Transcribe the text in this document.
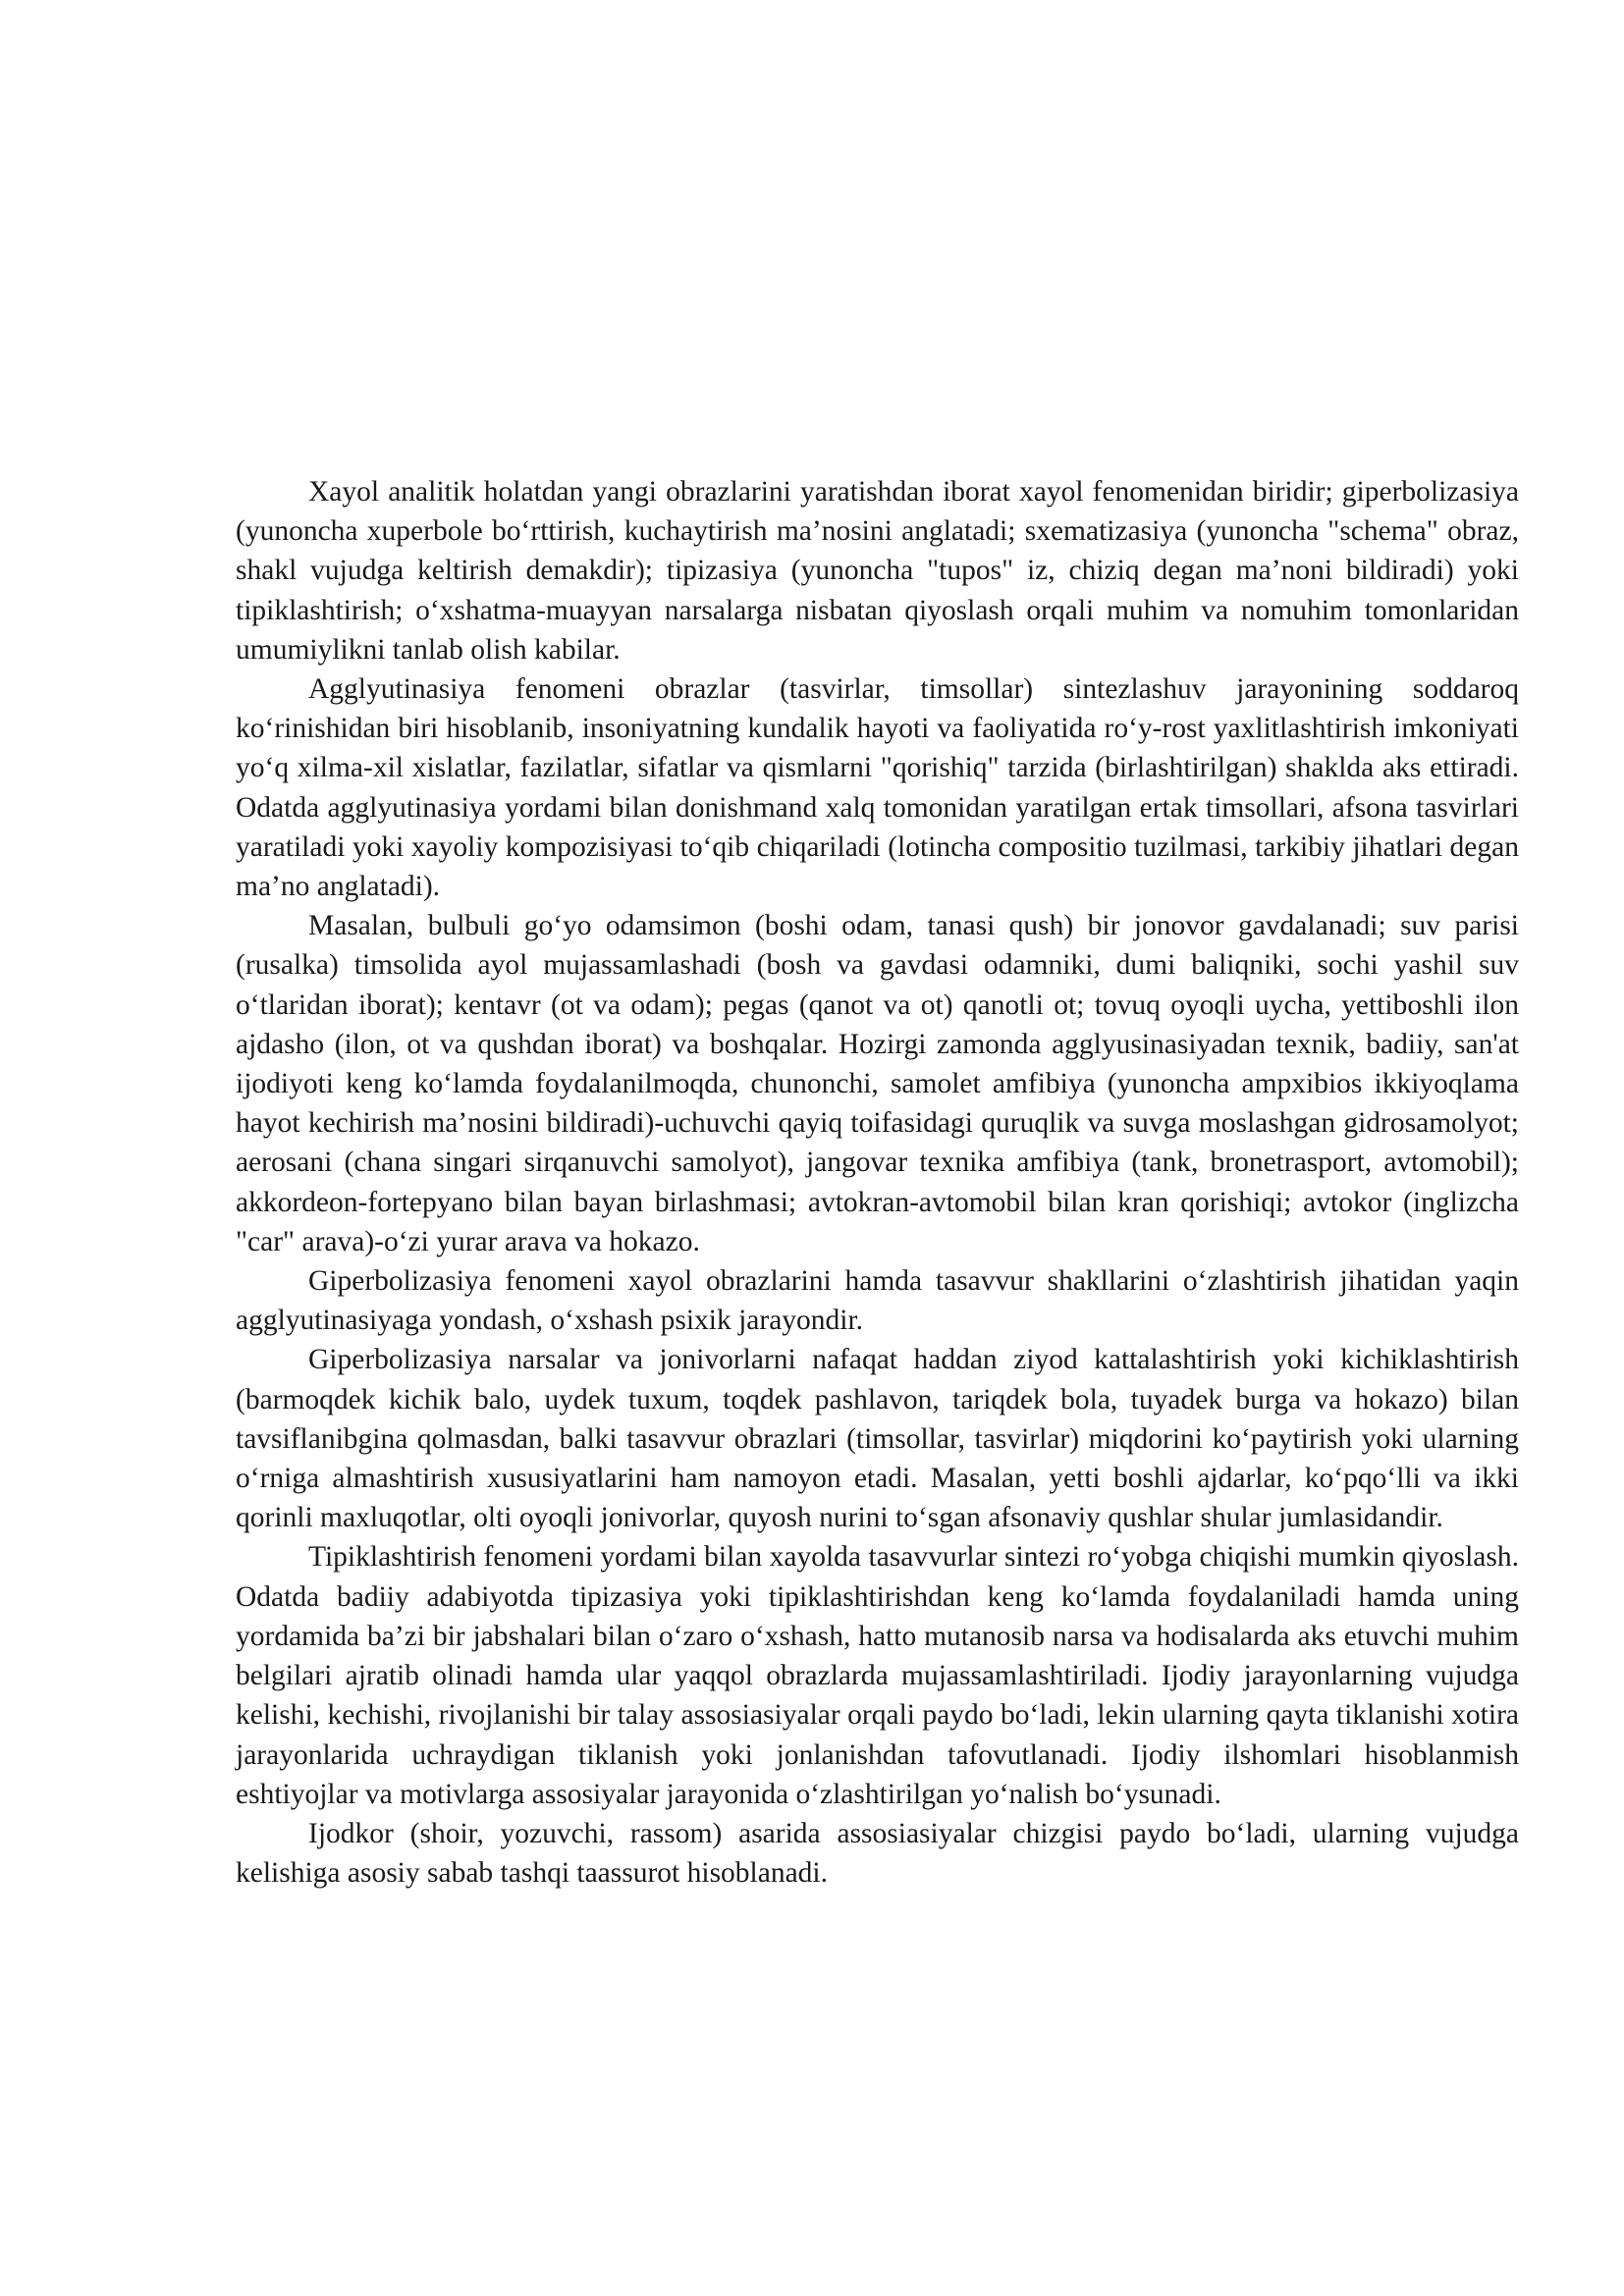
Xayol analitik holatdan yangi obrazlarini yaratishdan iborat xayol fenomenidan biridir; giperbolizasiya (yunoncha xuperbole bo‘rttirish, kuchaytirish ma’nosini anglatadi; sxematizasiya (yunoncha "schema" obraz, shakl vujudga keltirish demakdir); tipizasiya (yunoncha "tupos" iz, chiziq degan ma’noni bildiradi) yoki tipiklashtirish; o‘xshatma-muayyan narsalarga nisbatan qiyoslash orqali muhim va nomuhim tomonlaridan umumiylikni tanlab olish kabilar.

Agglyutinasiya fenomeni obrazlar (tasvirlar, timsollar) sintezlashuv jarayonining soddaroq ko‘rinishidan biri hisoblanib, insoniyatning kundalik hayoti va faoliyatida ro‘y-rost yaxlitlashtirish imkoniyati yo‘q xilma-xil xislatlar, fazilatlar, sifatlar va qismlarni "qorishiq" tarzida (birlashtirilgan) shaklda aks ettiradi. Odatda agglyutinasiya yordami bilan donishmand xalq tomonidan yaratilgan ertak timsollari, afsona tasvirlari yaratiladi yoki xayoliy kompozisiyasi to‘qib chiqariladi (lotincha compositio tuzilmasi, tarkibiy jihatlari degan ma’no anglatadi).

Masalan, bulbuli go‘yo odamsimon (boshi odam, tanasi qush) bir jonovor gavdalanadi; suv parisi (rusalka) timsolida ayol mujassamlashadi (bosh va gavdasi odamniki, dumi baliqniki, sochi yashil suv o‘tlaridan iborat); kentavr (ot va odam); pegas (qanot va ot) qanotli ot; tovuq oyoqli uycha, yettiboshli ilon ajdasho (ilon, ot va qushdan iborat) va boshqalar. Hozirgi zamonda agglyusinasiyadan texnik, badiiy, san'at ijodiyoti keng ko‘lamda foydalanilmoqda, chunonchi, samolet amfibiya (yunoncha ampxibios ikkiyoqlama hayot kechirish ma’nosini bildiradi)-uchuvchi qayiq toifasidagi quruqlik va suvga moslashgan gidrosamolyot; aerosani (chana singari sirqanuvchi samolyot), jangovar texnika amfibiya (tank, bronetrasport, avtomobil); akkordeon-fortepyano bilan bayan birlashmasi; avtokran-avtomobil bilan kran qorishiqi; avtokor (inglizcha "car" arava)-o‘zi yurar arava va hokazo.

Giperbolizasiya fenomeni xayol obrazlarini hamda tasavvur shakllarini o‘zlashtirish jihatidan yaqin agglyutinasiyaga yondash, o‘xshash psixik jarayondir.

Giperbolizasiya narsalar va jonivorlarni nafaqat haddan ziyod kattalashtirish yoki kichiklashtirish (barmoqdek kichik balo, uydek tuxum, toqdek pashlavon, tariqdek bola, tuyadek burga va hokazo) bilan tavsiflanibgina qolmasdan, balki tasavvur obrazlari (timsollar, tasvirlar) miqdorini ko‘paytirish yoki ularning o‘rniga almashtirish xususiyatlarini ham namoyon etadi. Masalan, yetti boshli ajdarlar, ko‘pqo‘lli va ikki qorinli maxluqotlar, olti oyoqli jonivorlar, quyosh nurini to‘sgan afsonaviy qushlar shular jumlasidandir.

Tipiklashtirish fenomeni yordami bilan xayolda tasavvurlar sintezi ro‘yobga chiqishi mumkin qiyoslash. Odatda badiiy adabiyotda tipizasiya yoki tipiklashtirishdan keng ko‘lamda foydalaniladi hamda uning yordamida ba’zi bir jabshalari bilan o‘zaro o‘xshash, hatto mutanosib narsa va hodisalarda aks etuvchi muhim belgilari ajratib olinadi hamda ular yaqqol obrazlarda mujassamlashtiriladi. Ijodiy jarayonlarning vujudga kelishi, kechishi, rivojlanishi bir talay assosiasiyalar orqali paydo bo‘ladi, lekin ularning qayta tiklanishi xotira jarayonlarida uchraydigan tiklanish yoki jonlanishdan tafovutlanadi. Ijodiy ilshomlari hisoblanmish eshtiyojlar va motivlarga assosiyalar jarayonida o‘zlashtirilgan yo‘nalish bo‘ysunadi.

Ijodkor (shoir, yozuvchi, rassom) asarida assosiasiyalar chizgisi paydo bo‘ladi, ularning vujudga kelishiga asosiy sabab tashqi taassurot hisoblanadi.
